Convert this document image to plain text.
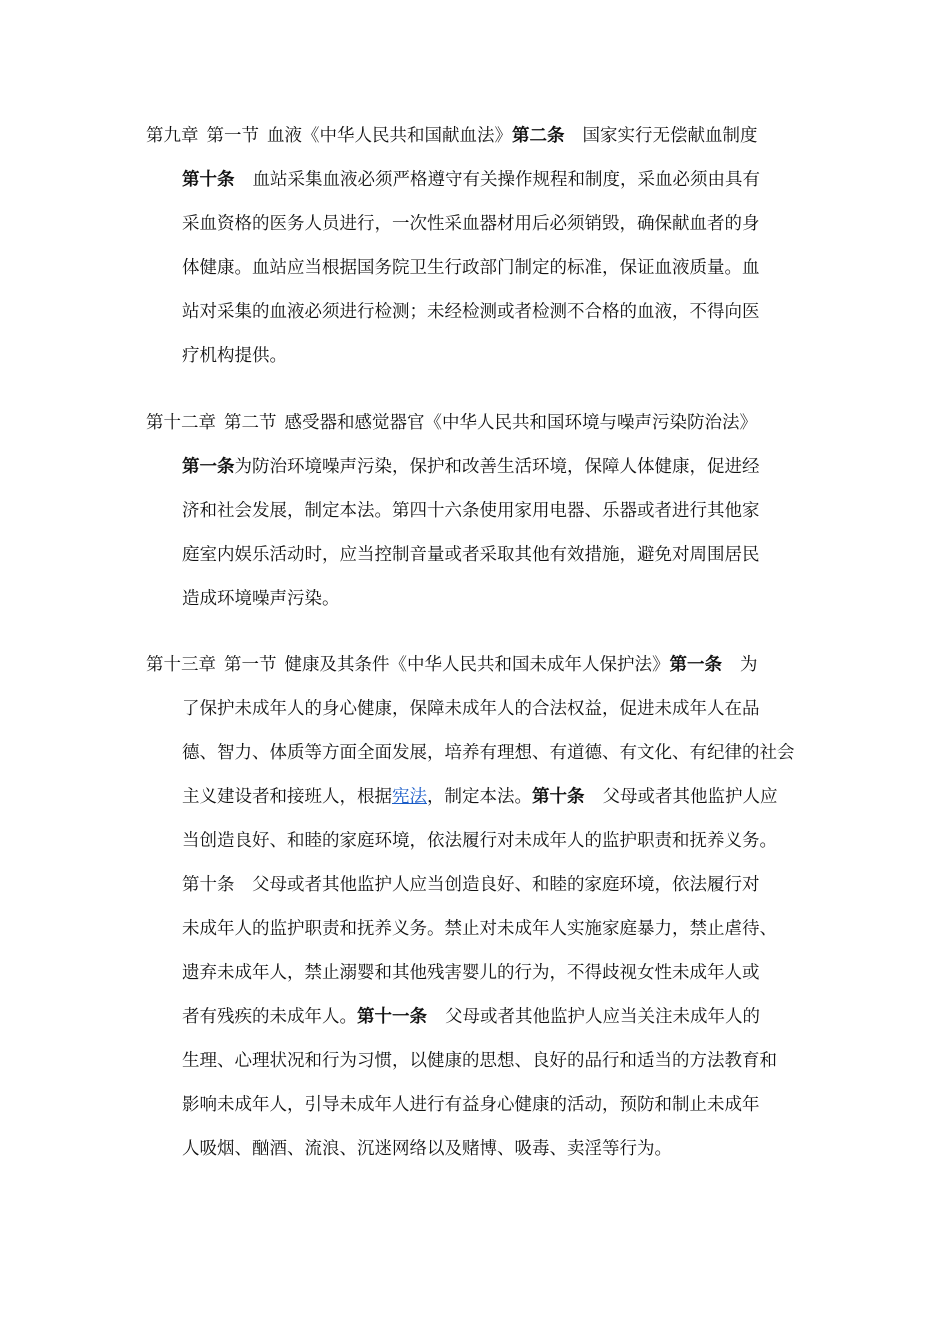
第九章 第一节 血液《中华人民共和国献血法》第二条 国家实行无偿献血制度
第十条 血站采集血液必须严格遵守有关操作规程和制度，采血必须由具有
采血资格的医务人员进行，一次性采血器材用后必须销毁，确保献血者的身
体健康。血站应当根据国务院卫生行政部门制定的标准，保证血液质量。血
站对采集的血液必须进行检测；未经检测或者检测不合格的血液，不得向医
疗机构提供。
第十二章 第二节 感受器和感觉器官《中华人民共和国环境与噪声污染防治法》
第一条为防治环境噪声污染，保护和改善生活环境，保障人体健康，促进经
济和社会发展，制定本法。第四十六条使用家用电器、乐器或者进行其他家
庭室内娱乐活动时，应当控制音量或者采取其他有效措施，避免对周围居民
造成环境噪声污染。
第十三章 第一节 健康及其条件《中华人民共和国未成年人保护法》第一条 为
了保护未成年人的身心健康，保障未成年人的合法权益，促进未成年人在品
德、智力、体质等方面全面发展，培养有理想、有道德、有文化、有纪律的社会
主义建设者和接班人，根据宪法，制定本法。第十条 父母或者其他监护人应
当创造良好、和睦的家庭环境，依法履行对未成年人的监护职责和抚养义务。
第十条　父母或者其他监护人应当创造良好、和睦的家庭环境，依法履行对
未成年人的监护职责和抚养义务。禁止对未成年人实施家庭暴力，禁止虐待、
遗弃未成年人，禁止溺婴和其他残害婴儿的行为，不得歧视女性未成年人或
者有残疾的未成年人。第十一条 父母或者其他监护人应当关注未成年人的
生理、心理状况和行为习惯，以健康的思想、良好的品行和适当的方法教育和
影响未成年人，引导未成年人进行有益身心健康的活动，预防和制止未成年
人吸烟、酗酒、流浪、沉迷网络以及赌博、吸毒、卖淫等行为。
